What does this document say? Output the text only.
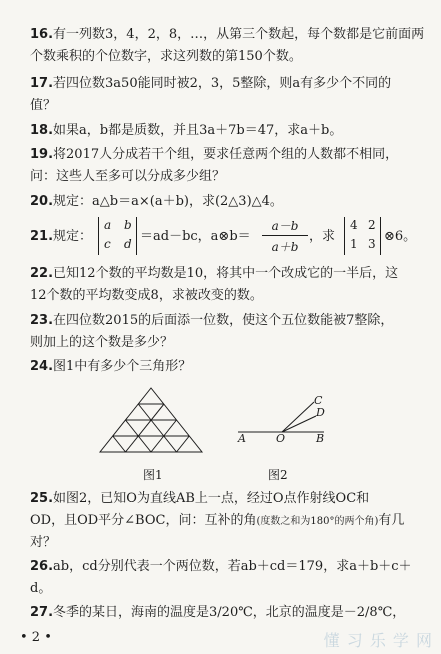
16.有一列数3，4，2，8，…，从第三个数起，每个数都是它前面两
个数乘积的个位数字，求这列数的第150个数。
17.若四位数3a50能同时被2，3，5整除，则a有多少个不同的
值？
18.如果a，b都是质数，并且3a＋7b＝47，求a＋b。
19.将2017人分成若干个组，要求任意两个组的人数都不相同，
问：这些人至多可以分成多少组？
20.规定：a△b＝a×(a＋b)，求(2△3)△4。
21.规定：
a b
c d ＝ad－bc，a⊗b＝
a－b
a＋b
，求
4 2
1 3 ⊗6。
22.已知12个数的平均数是10，将其中一个改成它的一半后，这
12个数的平均数变成8，求被改变的数。
23.在四位数2015的后面添一位数，使这个五位数能被7整除，
则加上的这个数是多少？
24.图1中有多少个三角形？
图1
C
D
A	O	B
图2
25.如图2，已知O为直线AB上一点，经过O点作射线OC和
OD，且OD平分∠BOC，问：互补的角(度数之和为180°的两个角)有几
对？
26.ab，cd分别代表一个两位数，若ab＋cd＝179，求a＋b＋c＋
d。
27.冬季的某日，海南的温度是3/20℃，北京的温度是－2/8℃，
• 2 •	懂 习 乐 学 网
